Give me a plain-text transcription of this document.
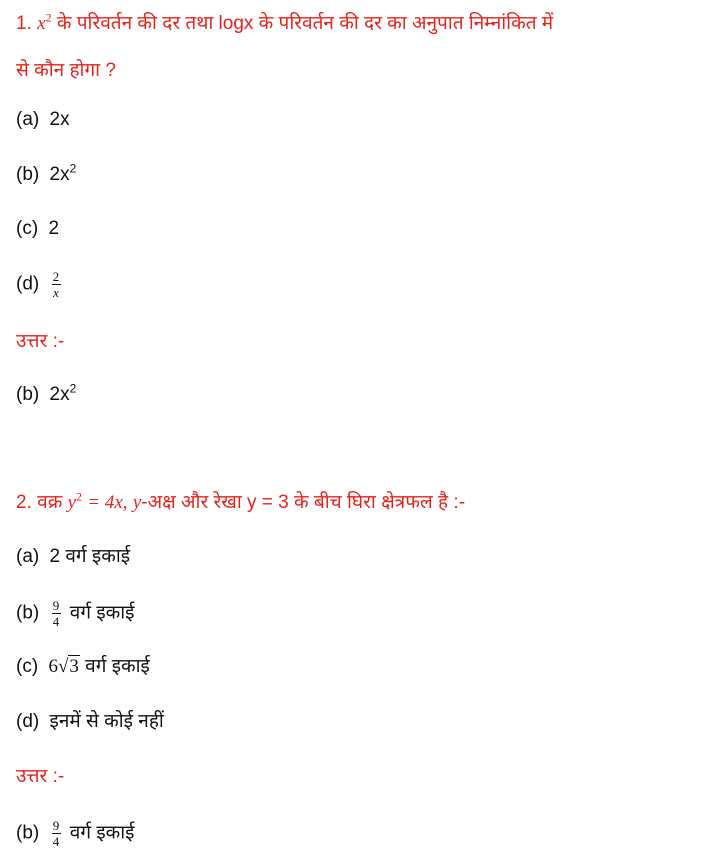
1. $x^2$ के परिवर्तन की दर तथा logx के परिवर्तन की दर का अनुपात निम्नांकित में
से कौन होगा ?
(a) 2x
(b) $2x^2$
(c) 2
$(d) \frac{2}{x}$
उत्तर :-
(b) $2x^2$
2. वक्र $y^2 = 4x$, y-अक्ष और रेखा y = 3 के बीच घिरा क्षेत्रफल है :-
(a) 2 वर्ग इकाई
$(b) \frac{9}{4}$ वर्ग इकाई
(c) 6√3 वर्ग इकाई
(d) इनमें से कोई नहीं
उत्तर :-
$(b) \frac{9}{4}$ वर्ग इकाई
